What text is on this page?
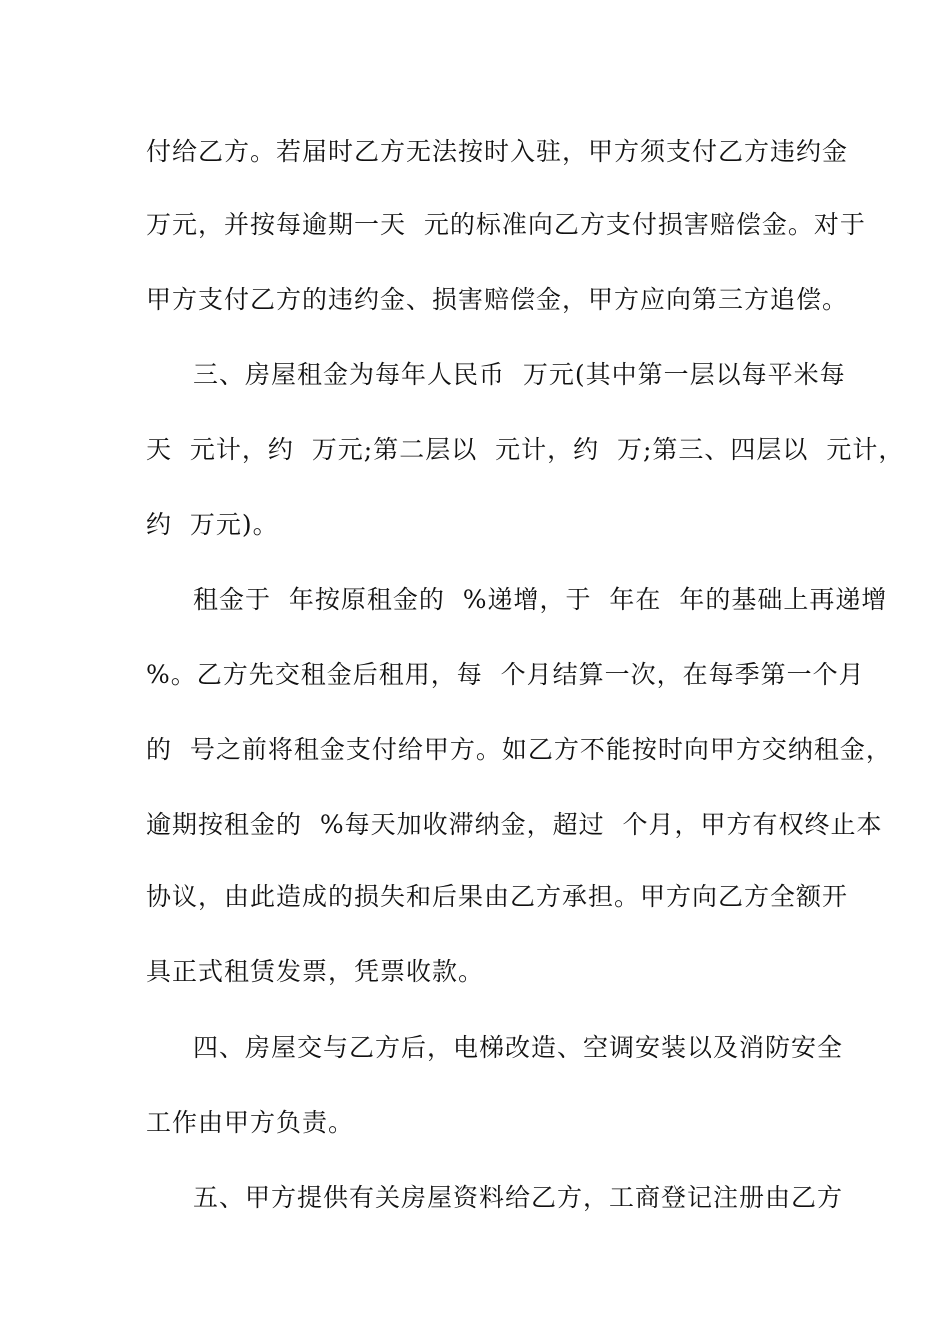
付给乙方。若届时乙方无法按时入驻，甲方须支付乙方违约金
万元，并按每逾期一天  元的标准向乙方支付损害赔偿金。对于
甲方支付乙方的违约金、损害赔偿金，甲方应向第三方追偿。
三、房屋租金为每年人民币  万元(其中第一层以每平米每
天  元计，约  万元;第二层以  元计，约  万;第三、四层以  元计，
约  万元)。
租金于  年按原租金的  %递增，于  年在  年的基础上再递增
%。乙方先交租金后租用，每  个月结算一次，在每季第一个月
的  号之前将租金支付给甲方。如乙方不能按时向甲方交纳租金，
逾期按租金的  %每天加收滞纳金，超过  个月，甲方有权终止本
协议，由此造成的损失和后果由乙方承担。甲方向乙方全额开
具正式租赁发票，凭票收款。
四、房屋交与乙方后，电梯改造、空调安装以及消防安全
工作由甲方负责。
五、甲方提供有关房屋资料给乙方，工商登记注册由乙方
